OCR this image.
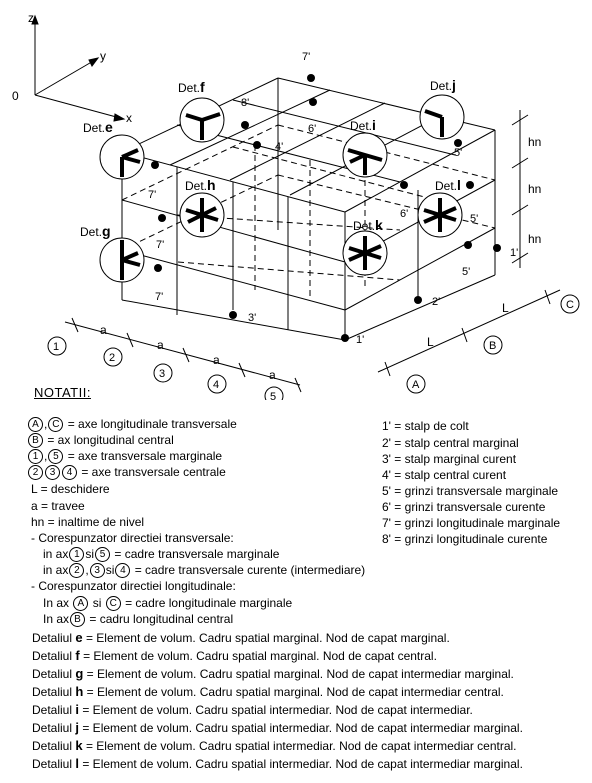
z
y
x
0
hn
hn
hn
a
a
a
a
L
L
1
2
3
4
5
A
B
C
Det.f	Det.j
Det.e	Det.i
Det.h	Det.l
Det.g	Det.k
7'
8'
6'
4'	5'
7'
6'	5'
7'
5'
1'
7'	2'
3'
1'
NOTATII:
A , C = axe longitudinale transversale
B = ax longitudinal central
1 , 5 = axe transversale marginale
2 3 4 = axe transversale centrale
L = deschidere
a = travee
hn = inaltime de nivel
- Corespunzator directiei transversale:
in ax 1 si 5 = cadre transversale marginale
in ax 2 , 3 si 4 = cadre transversale curente (intermediare)
- Corespunzator directiei longitudinale:
In ax A si C = cadre longitudinale marginale
In ax B = cadru longitudinal central
1' = stalp de colt
2' = stalp central marginal
3' = stalp marginal curent
4' = stalp central curent
5' = grinzi transversale marginale
6' = grinzi transversale curente
7' = grinzi longitudinale marginale
8' = grinzi longitudinale curente
Detaliul e = Element de volum. Cadru spatial marginal. Nod de capat marginal.
Detaliul f = Element de volum. Cadru spatial marginal. Nod de capat central.
Detaliul g = Element de volum. Cadru spatial marginal. Nod de capat intermediar marginal.
Detaliul h = Element de volum. Cadru spatial marginal. Nod de capat intermediar central.
Detaliul i = Element de volum. Cadru spatial intermediar. Nod de capat intermediar.
Detaliul j = Element de volum. Cadru spatial intermediar. Nod de capat intermediar marginal.
Detaliul k = Element de volum. Cadru spatial intermediar. Nod de capat intermediar central.
Detaliul l = Element de volum. Cadru spatial intermediar. Nod de capat intermediar marginal.
